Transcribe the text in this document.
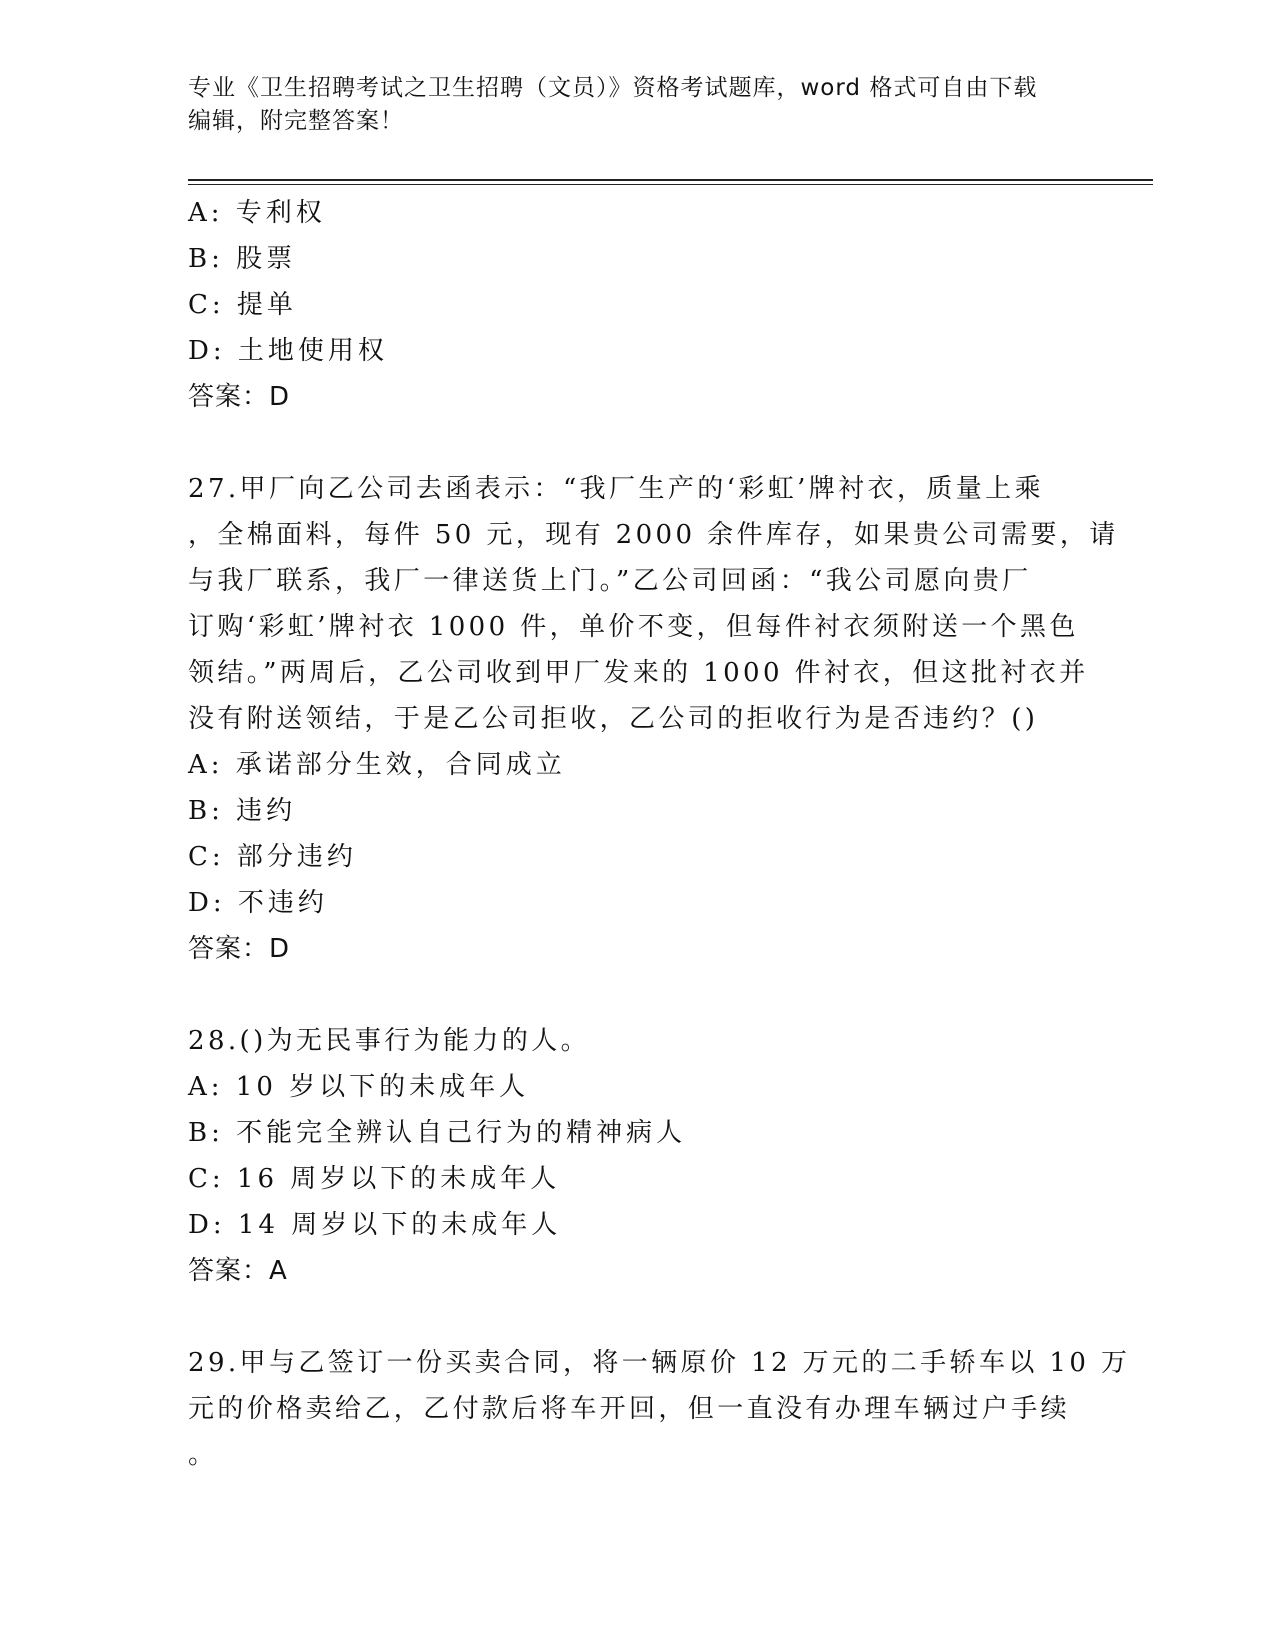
专业《卫生招聘考试之卫生招聘（文员）》资格考试题库，word 格式可自由下载
编辑，附完整答案！
A: 专利权
B: 股票
C: 提单
D: 土地使用权
答案：D
27.甲厂向乙公司去函表示：“我厂生产的‘彩虹’牌衬衣，质量上乘
，全棉面料，每件 50 元，现有 2000 余件库存，如果贵公司需要，请
与我厂联系，我厂一律送货上门。”乙公司回函：“我公司愿向贵厂
订购‘彩虹’牌衬衣 1000 件，单价不变，但每件衬衣须附送一个黑色
领结。”两周后，乙公司收到甲厂发来的 1000 件衬衣，但这批衬衣并
没有附送领结，于是乙公司拒收，乙公司的拒收行为是否违约？()
A: 承诺部分生效，合同成立
B: 违约
C: 部分违约
D: 不违约
答案：D
28.()为无民事行为能力的人。
A: 10 岁以下的未成年人
B: 不能完全辨认自己行为的精神病人
C: 16 周岁以下的未成年人
D: 14 周岁以下的未成年人
答案：A
29.甲与乙签订一份买卖合同，将一辆原价 12 万元的二手轿车以 10 万
元的价格卖给乙，乙付款后将车开回，但一直没有办理车辆过户手续
。
